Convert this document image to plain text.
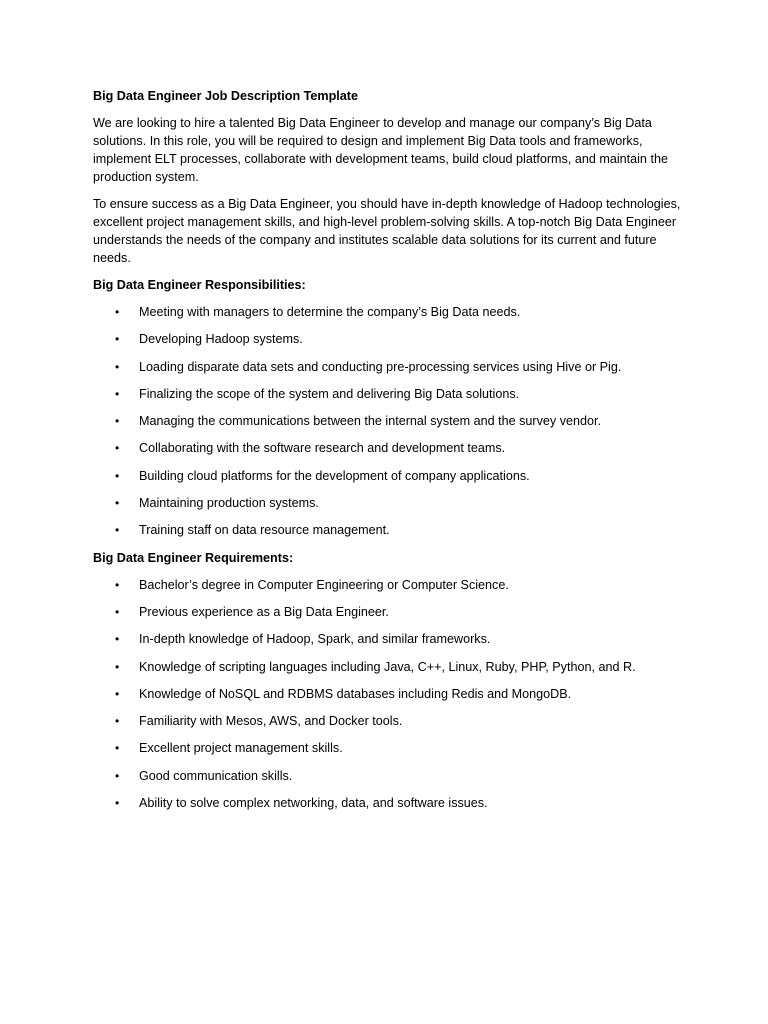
Big Data Engineer Job Description Template

We are looking to hire a talented Big Data Engineer to develop and manage our company’s Big Data solutions. In this role, you will be required to design and implement Big Data tools and frameworks, implement ELT processes, collaborate with development teams, build cloud platforms, and maintain the production system.

To ensure success as a Big Data Engineer, you should have in-depth knowledge of Hadoop technologies, excellent project management skills, and high-level problem-solving skills. A top-notch Big Data Engineer understands the needs of the company and institutes scalable data solutions for its current and future needs.

Big Data Engineer Responsibilities:
• Meeting with managers to determine the company’s Big Data needs.
• Developing Hadoop systems.
• Loading disparate data sets and conducting pre-processing services using Hive or Pig.
• Finalizing the scope of the system and delivering Big Data solutions.
• Managing the communications between the internal system and the survey vendor.
• Collaborating with the software research and development teams.
• Building cloud platforms for the development of company applications.
• Maintaining production systems.
• Training staff on data resource management.
Big Data Engineer Requirements:
• Bachelor’s degree in Computer Engineering or Computer Science.
• Previous experience as a Big Data Engineer.
• In-depth knowledge of Hadoop, Spark, and similar frameworks.
• Knowledge of scripting languages including Java, C++, Linux, Ruby, PHP, Python, and R.
• Knowledge of NoSQL and RDBMS databases including Redis and MongoDB.
• Familiarity with Mesos, AWS, and Docker tools.
• Excellent project management skills.
• Good communication skills.
• Ability to solve complex networking, data, and software issues.
